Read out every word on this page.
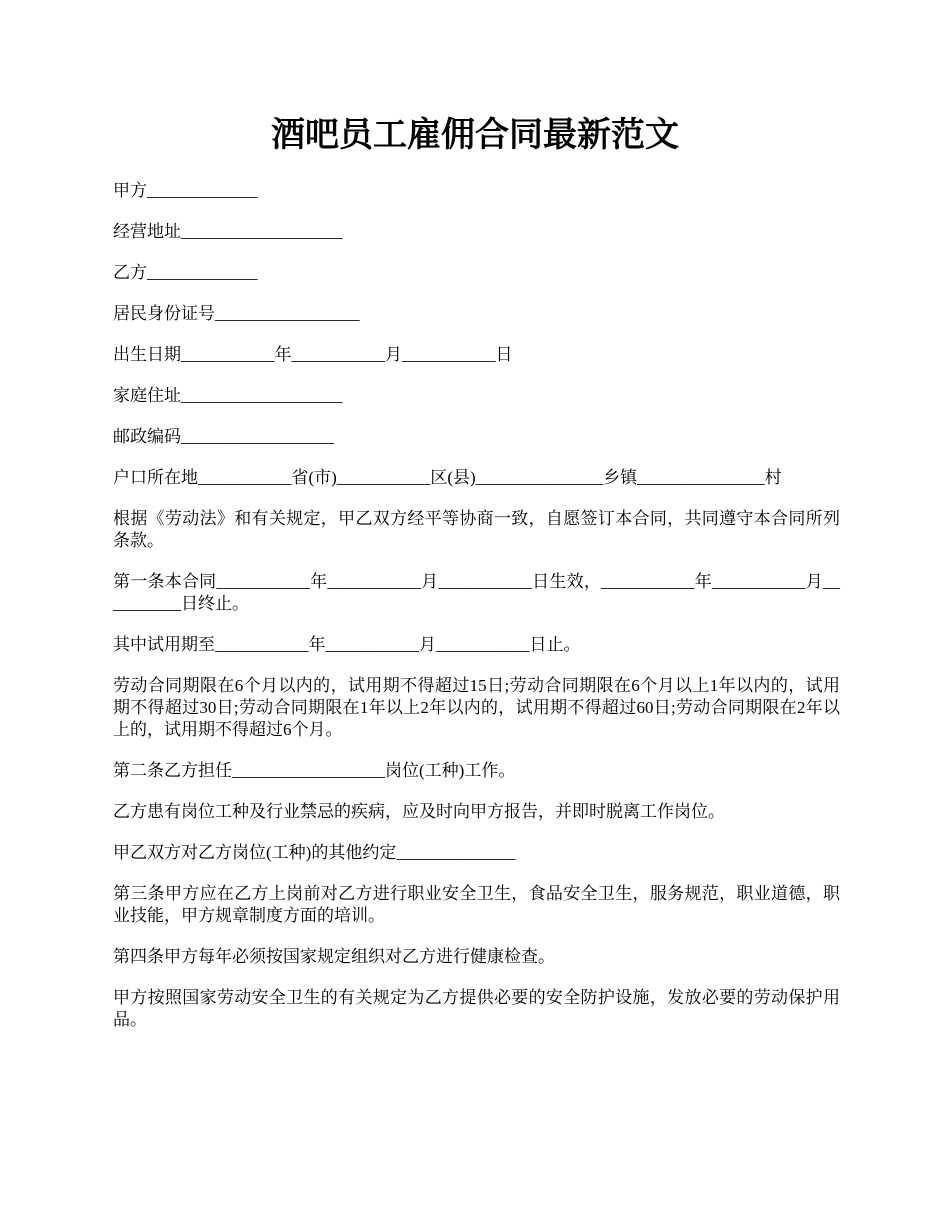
酒吧员工雇佣合同最新范文

甲方_____________

经营地址___________________

乙方_____________

居民身份证号_________________

出生日期___________年___________月___________日

家庭住址___________________

邮政编码__________________

户口所在地___________省(市)___________区(县)_______________乡镇_______________村

根据《劳动法》和有关规定，甲乙双方经平等协商一致，自愿签订本合同，共同遵守本合同所列条款。

第一条本合同___________年___________月___________日生效，___________年___________月__________日终止。

其中试用期至___________年___________月___________日止。

劳动合同期限在6个月以内的，试用期不得超过15日;劳动合同期限在6个月以上1年以内的，试用期不得超过30日;劳动合同期限在1年以上2年以内的，试用期不得超过60日;劳动合同期限在2年以上的，试用期不得超过6个月。

第二条乙方担任__________________岗位(工种)工作。

乙方患有岗位工种及行业禁忌的疾病，应及时向甲方报告，并即时脱离工作岗位。

甲乙双方对乙方岗位(工种)的其他约定______________

第三条甲方应在乙方上岗前对乙方进行职业安全卫生，食品安全卫生，服务规范，职业道德，职业技能，甲方规章制度方面的培训。

第四条甲方每年必须按国家规定组织对乙方进行健康检查。

甲方按照国家劳动安全卫生的有关规定为乙方提供必要的安全防护设施，发放必要的劳动保护用品。
